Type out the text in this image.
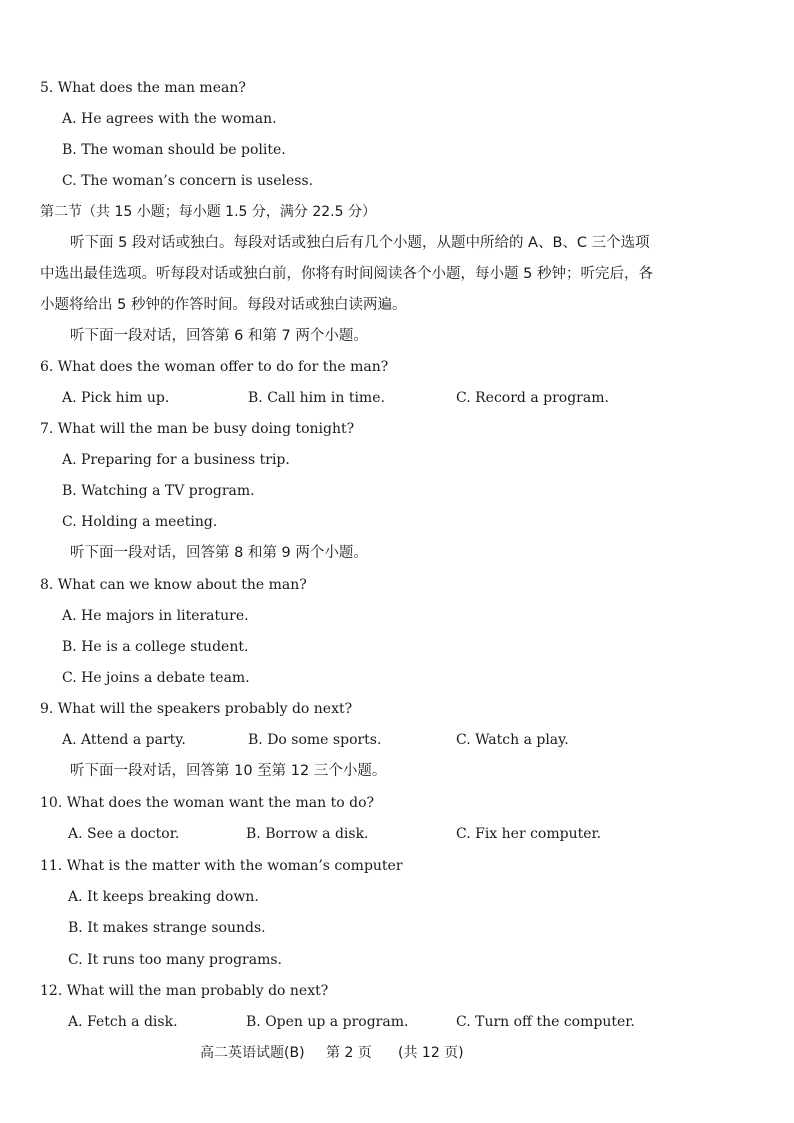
5. What does the man mean?
A. He agrees with the woman.
B. The woman should be polite.
C. The woman’s concern is useless.
第二节（共 15 小题；每小题 1.5 分，满分 22.5 分）
听下面 5 段对话或独白。每段对话或独白后有几个小题，从题中所给的 A、B、C 三个选项
中选出最佳选项。听每段对话或独白前，你将有时间阅读各个小题，每小题 5 秒钟；听完后，各
小题将给出 5 秒钟的作答时间。每段对话或独白读两遍。
听下面一段对话，回答第 6 和第 7 两个小题。
6. What does the woman offer to do for the man?
A. Pick him up.	B. Call him in time.	C. Record a program.
7. What will the man be busy doing tonight?
A. Preparing for a business trip.
B. Watching a TV program.
C. Holding a meeting.
听下面一段对话，回答第 8 和第 9 两个小题。
8. What can we know about the man?
A. He majors in literature.
B. He is a college student.
C. He joins a debate team.
9. What will the speakers probably do next?
A. Attend a party.	B. Do some sports.	C. Watch a play.
听下面一段对话，回答第 10 至第 12 三个小题。
10. What does the woman want the man to do?
A. See a doctor.	B. Borrow a disk.	C. Fix her computer.
11. What is the matter with the woman’s computer
A. It keeps breaking down.
B. It makes strange sounds.
C. It runs too many programs.
12. What will the man probably do next?
A. Fetch a disk.	B. Open up a program.	C. Turn off the computer.
高二英语试题(B) 第 2 页 (共 12 页)
